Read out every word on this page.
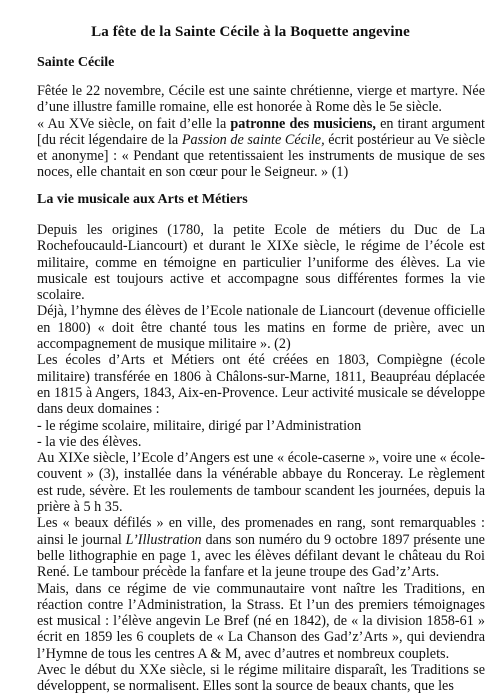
La fête de la Sainte Cécile à la Boquette angevine
Sainte Cécile

Fêtée le 22 novembre, Cécile est une sainte chrétienne, vierge et martyre. Née d’une illustre famille romaine, elle est honorée à Rome dès le 5e siècle.

« Au XVe siècle, on fait d’elle la patronne des musiciens, en tirant argument [du récit légendaire de la Passion de sainte Cécile, écrit postérieur au Ve siècle et anonyme] : « Pendant que retentissaient les instruments de musique de ses noces, elle chantait en son cœur pour le Seigneur. » (1)

La vie musicale aux Arts et Métiers

Depuis les origines (1780, la petite Ecole de métiers du Duc de La Rochefoucauld-Liancourt) et durant le XIXe siècle, le régime de l’école est militaire, comme en témoigne en particulier l’uniforme des élèves. La vie musicale est toujours active et accompagne sous différentes formes la vie scolaire.

Déjà, l’hymne des élèves de l’Ecole nationale de Liancourt (devenue officielle en 1800) « doit être chanté tous les matins en forme de prière, avec un accompagnement de musique militaire ». (2)

Les écoles d’Arts et Métiers ont été créées en 1803, Compiègne (école militaire) transférée en 1806 à Châlons-sur-Marne, 1811, Beaupréau déplacée en 1815 à Angers, 1843, Aix-en-Provence. Leur activité musicale se développe dans deux domaines :

- le régime scolaire, militaire, dirigé par l’Administration

- la vie des élèves.

Au XIXe siècle, l’Ecole d’Angers est une « école-caserne », voire une « école-couvent » (3), installée dans la vénérable abbaye du Ronceray. Le règlement est rude, sévère. Et les roulements de tambour scandent les journées, depuis la prière à 5 h 35.

Les « beaux défilés » en ville, des promenades en rang, sont remarquables : ainsi le journal L’Illustration dans son numéro du 9 octobre 1897 présente une belle lithographie en page 1, avec les élèves défilant devant le château du Roi René. Le tambour précède la fanfare et la jeune troupe des Gad’z’Arts.

Mais, dans ce régime de vie communautaire vont naître les Traditions, en réaction contre l’Administration, la Strass. Et l’un des premiers témoignages est musical : l’élève angevin Le Bref (né en 1842), de « la division 1858-61 » écrit en 1859 les 6 couplets de « La Chanson des Gad’z’Arts », qui deviendra l’Hymne de tous les centres A & M, avec d’autres et nombreux couplets.

Avec le début du XXe siècle, si le régime militaire disparaît, les Traditions se développent, se normalisent. Elles sont la source de beaux chants, que les
